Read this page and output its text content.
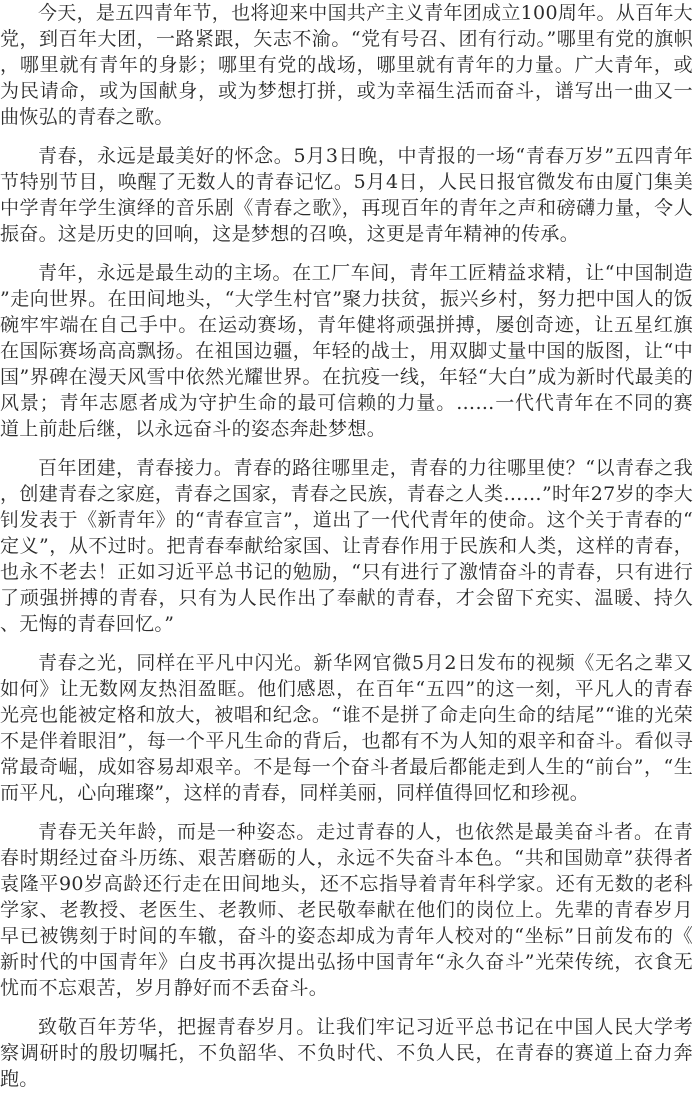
今天，是五四青年节，也将迎来中国共产主义青年团成立100周年。从百年大党，到百年大团，一路紧跟，矢志不渝。“党有号召、团有行动。”哪里有党的旗帜，哪里就有青年的身影；哪里有党的战场，哪里就有青年的力量。广大青年，或为民请命，或为国献身，或为梦想打拼，或为幸福生活而奋斗，谱写出一曲又一曲恢弘的青春之歌。

青春，永远是最美好的怀念。5月3日晚，中青报的一场“青春万岁”五四青年节特别节目，唤醒了无数人的青春记忆。5月4日，人民日报官微发布由厦门集美中学青年学生演绎的音乐剧《青春之歌》，再现百年的青年之声和磅礴力量，令人振奋。这是历史的回响，这是梦想的召唤，这更是青年精神的传承。

青年，永远是最生动的主场。在工厂车间，青年工匠精益求精，让“中国制造”走向世界。在田间地头，“大学生村官”聚力扶贫，振兴乡村，努力把中国人的饭碗牢牢端在自己手中。在运动赛场，青年健将顽强拼搏，屡创奇迹，让五星红旗在国际赛场高高飘扬。在祖国边疆，年轻的战士，用双脚丈量中国的版图，让“中国”界碑在漫天风雪中依然光耀世界。在抗疫一线，年轻“大白”成为新时代最美的风景；青年志愿者成为守护生命的最可信赖的力量。……一代代青年在不同的赛道上前赴后继，以永远奋斗的姿态奔赴梦想。

百年团建，青春接力。青春的路往哪里走，青春的力往哪里使？“以青春之我，创建青春之家庭，青春之国家，青春之民族，青春之人类……”时年27岁的李大钊发表于《新青年》的“青春宣言”，道出了一代代青年的使命。这个关于青春的“定义”，从不过时。把青春奉献给家国、让青春作用于民族和人类，这样的青春，也永不老去！正如习近平总书记的勉励，“只有进行了激情奋斗的青春，只有进行了顽强拼搏的青春，只有为人民作出了奉献的青春，才会留下充实、温暖、持久、无悔的青春回忆。”

青春之光，同样在平凡中闪光。新华网官微5月2日发布的视频《无名之辈又如何》让无数网友热泪盈眶。他们感恩，在百年“五四”的这一刻，平凡人的青春光亮也能被定格和放大，被唱和纪念。“谁不是拼了命走向生命的结尾”“谁的光荣不是伴着眼泪”，每一个平凡生命的背后，也都有不为人知的艰辛和奋斗。看似寻常最奇崛，成如容易却艰辛。不是每一个奋斗者最后都能走到人生的“前台”，“生而平凡，心向璀璨”，这样的青春，同样美丽，同样值得回忆和珍视。

青春无关年龄，而是一种姿态。走过青春的人，也依然是最美奋斗者。在青春时期经过奋斗历练、艰苦磨砺的人，永远不失奋斗本色。“共和国勋章”获得者袁隆平90岁高龄还行走在田间地头，还不忘指导着青年科学家。还有无数的老科学家、老教授、老医生、老教师、老民敬奉献在他们的岗位上。先辈的青春岁月早已被镌刻于时间的车辙，奋斗的姿态却成为青年人校对的“坐标”日前发布的《新时代的中国青年》白皮书再次提出弘扬中国青年“永久奋斗”光荣传统，衣食无忧而不忘艰苦，岁月静好而不丢奋斗。

致敬百年芳华，把握青春岁月。让我们牢记习近平总书记在中国人民大学考察调研时的殷切嘱托，不负韶华、不负时代、不负人民，在青春的赛道上奋力奔跑。
